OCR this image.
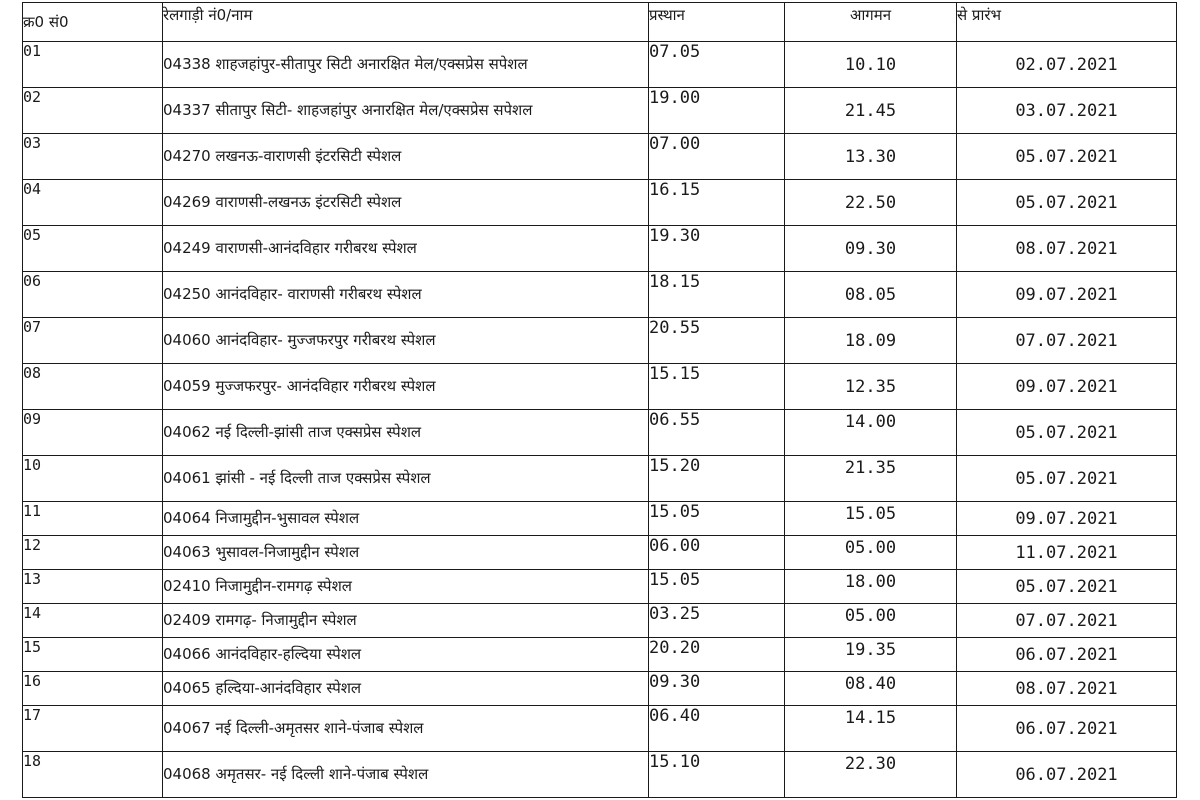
क्र0 सं0	रेलगाड़ी नं0/नाम	प्रस्थान	आगमन	से प्रारंभ
01	04338 शाहजहांपुर-सीतापुर सिटी अनारक्षित मेल/एक्सप्रेस सपेशल	07.05	10.10	02.07.2021
02	04337 सीतापुर सिटी- शाहजहांपुर अनारक्षित मेल/एक्सप्रेस सपेशल	19.00	21.45	03.07.2021
03	04270 लखनऊ-वाराणसी इंटरसिटी स्पेशल	07.00	13.30	05.07.2021
04	04269 वाराणसी-लखनऊ इंटरसिटी स्पेशल	16.15	22.50	05.07.2021
05	04249 वाराणसी-आनंदविहार गरीबरथ स्पेशल	19.30	09.30	08.07.2021
06	04250 आनंदविहार- वाराणसी गरीबरथ स्पेशल	18.15	08.05	09.07.2021
07	04060 आनंदविहार- मुज्जफरपुर गरीबरथ स्पेशल	20.55	18.09	07.07.2021
08	04059 मुज्जफरपुर- आनंदविहार गरीबरथ स्पेशल	15.15	12.35	09.07.2021
09	04062 नई दिल्ली-झांसी ताज एक्सप्रेस स्पेशल	06.55	14.00	05.07.2021
10	04061 झांसी - नई दिल्ली ताज एक्सप्रेस स्पेशल	15.20	21.35	05.07.2021
11	04064 निजामुद्दीन-भुसावल स्पेशल	15.05	15.05	09.07.2021
12	04063 भुसावल-निजामुद्दीन स्पेशल	06.00	05.00	11.07.2021
13	02410 निजामुद्दीन-रामगढ़ स्पेशल	15.05	18.00	05.07.2021
14	02409 रामगढ़- निजामुद्दीन स्पेशल	03.25	05.00	07.07.2021
15	04066 आनंदविहार-हल्दिया स्पेशल	20.20	19.35	06.07.2021
16	04065 हल्दिया-आनंदविहार स्पेशल	09.30	08.40	08.07.2021
17	04067 नई दिल्ली-अमृतसर शाने-पंजाब स्पेशल	06.40	14.15	06.07.2021
18	04068 अमृतसर- नई दिल्ली शाने-पंजाब स्पेशल	15.10	22.30	06.07.2021
